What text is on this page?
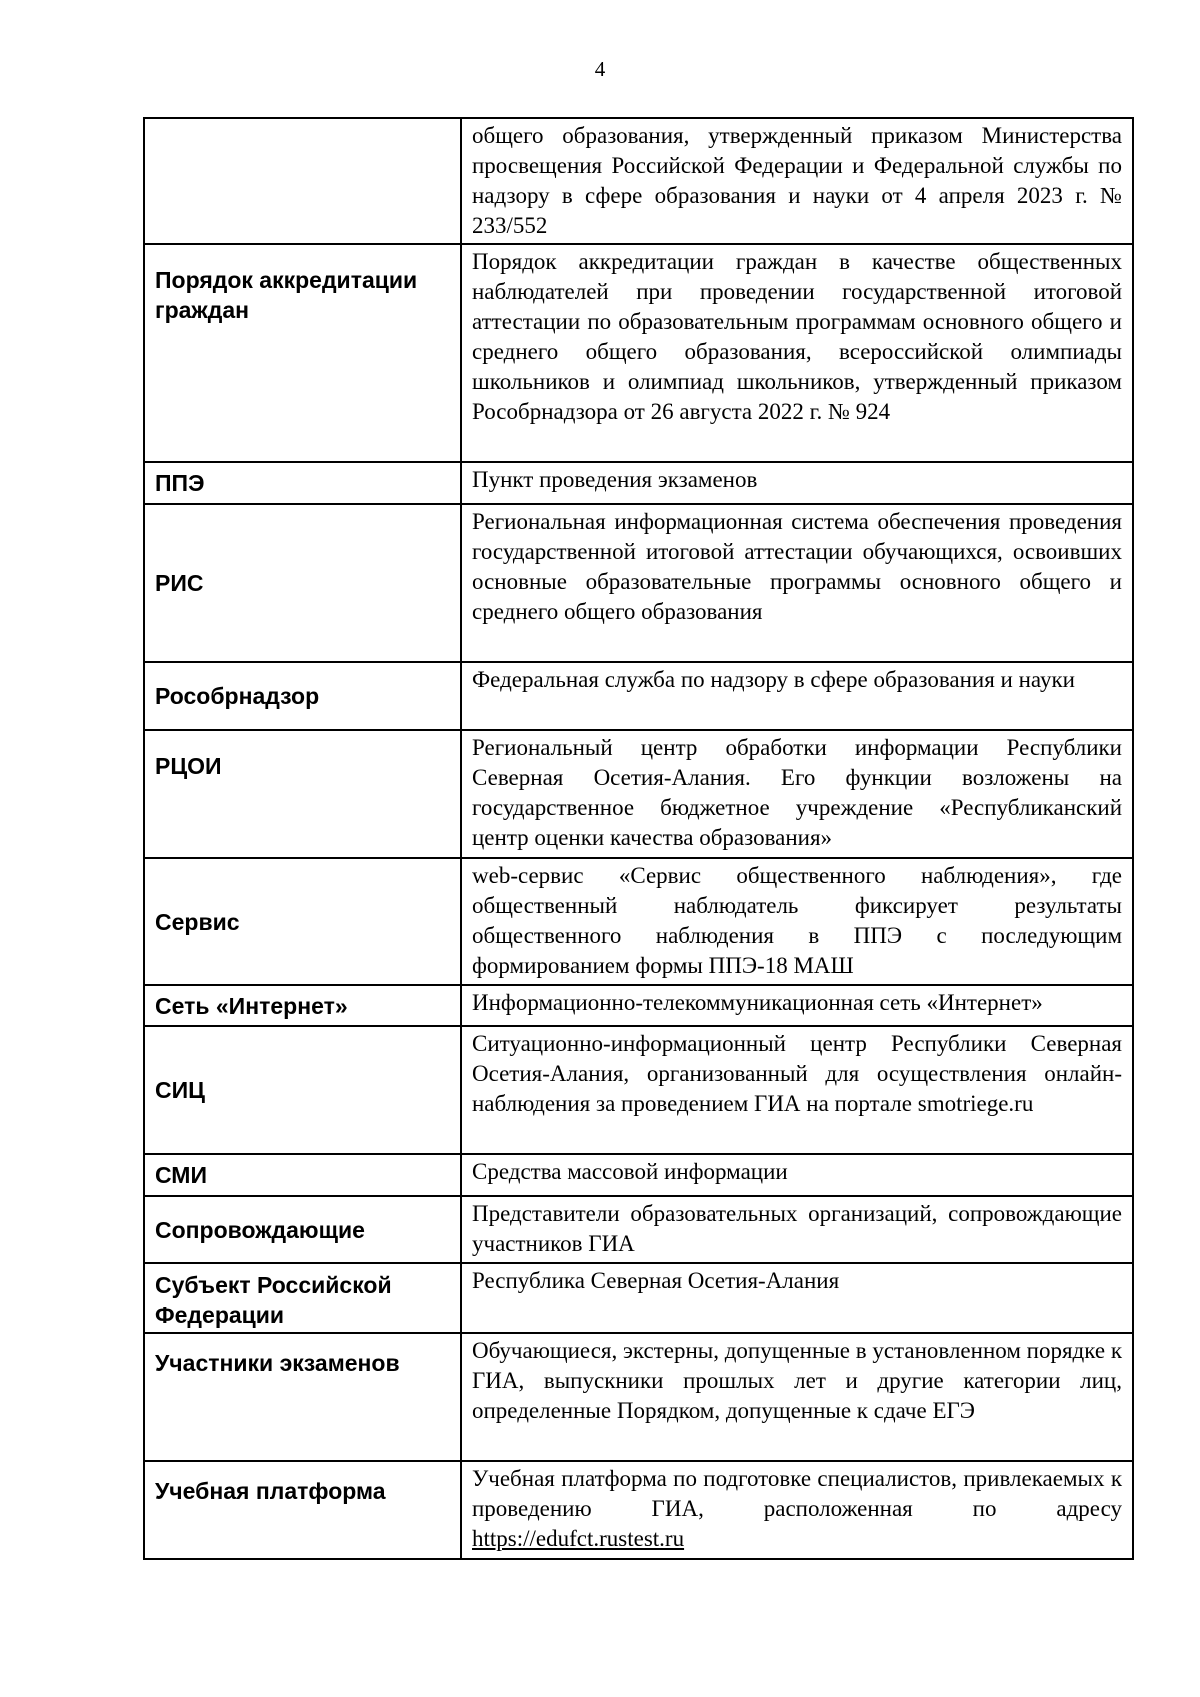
4

	общего образования, утвержденный приказом Министерства просвещения Российской Федерации и Федеральной службы по надзору в сфере образования и науки от 4 апреля 2023 г. № 233/552

Порядок аккредитации граждан	Порядок аккредитации граждан в качестве общественных наблюдателей при проведении государственной итоговой аттестации по образовательным программам основного общего и среднего общего образования, всероссийской олимпиады школьников и олимпиад школьников, утвержденный приказом Рособрнадзора от 26 августа 2022 г. № 924

ППЭ	Пункт проведения экзаменов

РИС	Региональная информационная система обеспечения проведения государственной итоговой аттестации обучающихся, освоивших основные образовательные программы основного общего и среднего общего образования

Рособрнадзор	Федеральная служба по надзору в сфере образования и науки

РЦОИ	Региональный центр обработки информации Республики Северная Осетия-Алания. Его функции возложены на государственное бюджетное учреждение «Республиканский центр оценки качества образования»

Сервис	web-сервис «Сервис общественного наблюдения», где общественный наблюдатель фиксирует результаты общественного наблюдения в ППЭ с последующим формированием формы ППЭ-18 МАШ

Сеть «Интернет»	Информационно-телекоммуникационная сеть «Интернет»

СИЦ	Ситуационно-информационный центр Республики Северная Осетия-Алания, организованный для осуществления онлайн- наблюдения за проведением ГИА на портале smotriege.ru

СМИ	Средства массовой информации

Сопровождающие	Представители образовательных организаций, сопровождающие участников ГИА

Субъект Российской Федерации	Республика Северная Осетия-Алания

Участники экзаменов	Обучающиеся, экстерны, допущенные в установленном порядке к ГИА, выпускники прошлых лет и другие категории лиц, определенные Порядком, допущенные к сдаче ЕГЭ

Учебная платформа	Учебная платформа по подготовке специалистов, привлекаемых к проведению ГИА, расположенная по адресу https://edufct.rustest.ru
